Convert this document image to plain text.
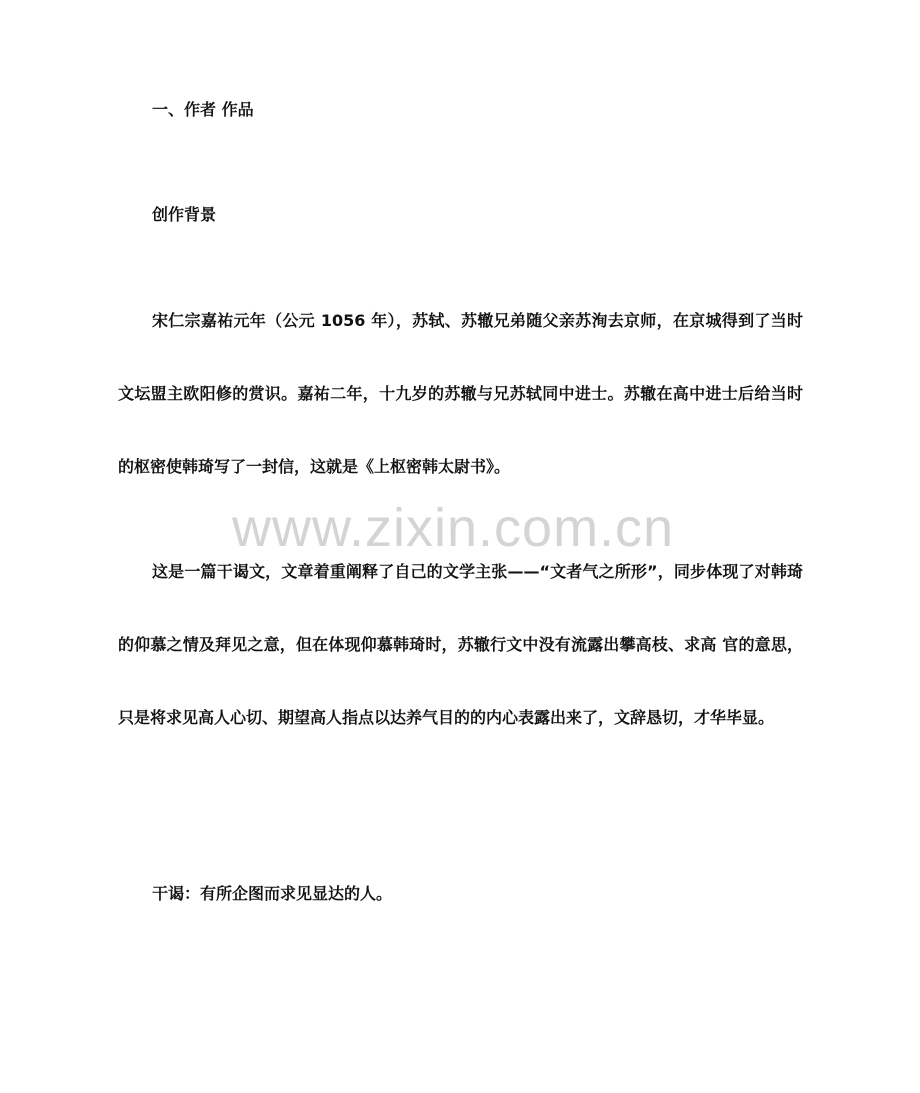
一、作者 作品
创作背景

宋仁宗嘉祐元年（公元 1056 年），苏轼、苏辙兄弟随父亲苏洵去京师，在京城得到了当时文坛盟主欧阳修的赏识。嘉祐二年，十九岁的苏辙与兄苏轼同中进士。苏辙在高中进士后给当时的枢密使韩琦写了一封信，这就是《上枢密韩太尉书》。

www.zixin.com.cn

这是一篇干谒文，文章着重阐释了自己的文学主张——“文者气之所形”，同步体现了对韩琦的仰慕之情及拜见之意，但在体现仰慕韩琦时，苏辙行文中没有流露出攀高枝、求高 官的意思，只是将求见高人心切、期望高人指点以达养气目的的内心表露出来了，文辞恳切，才华毕显。

干谒：有所企图而求见显达的人。
